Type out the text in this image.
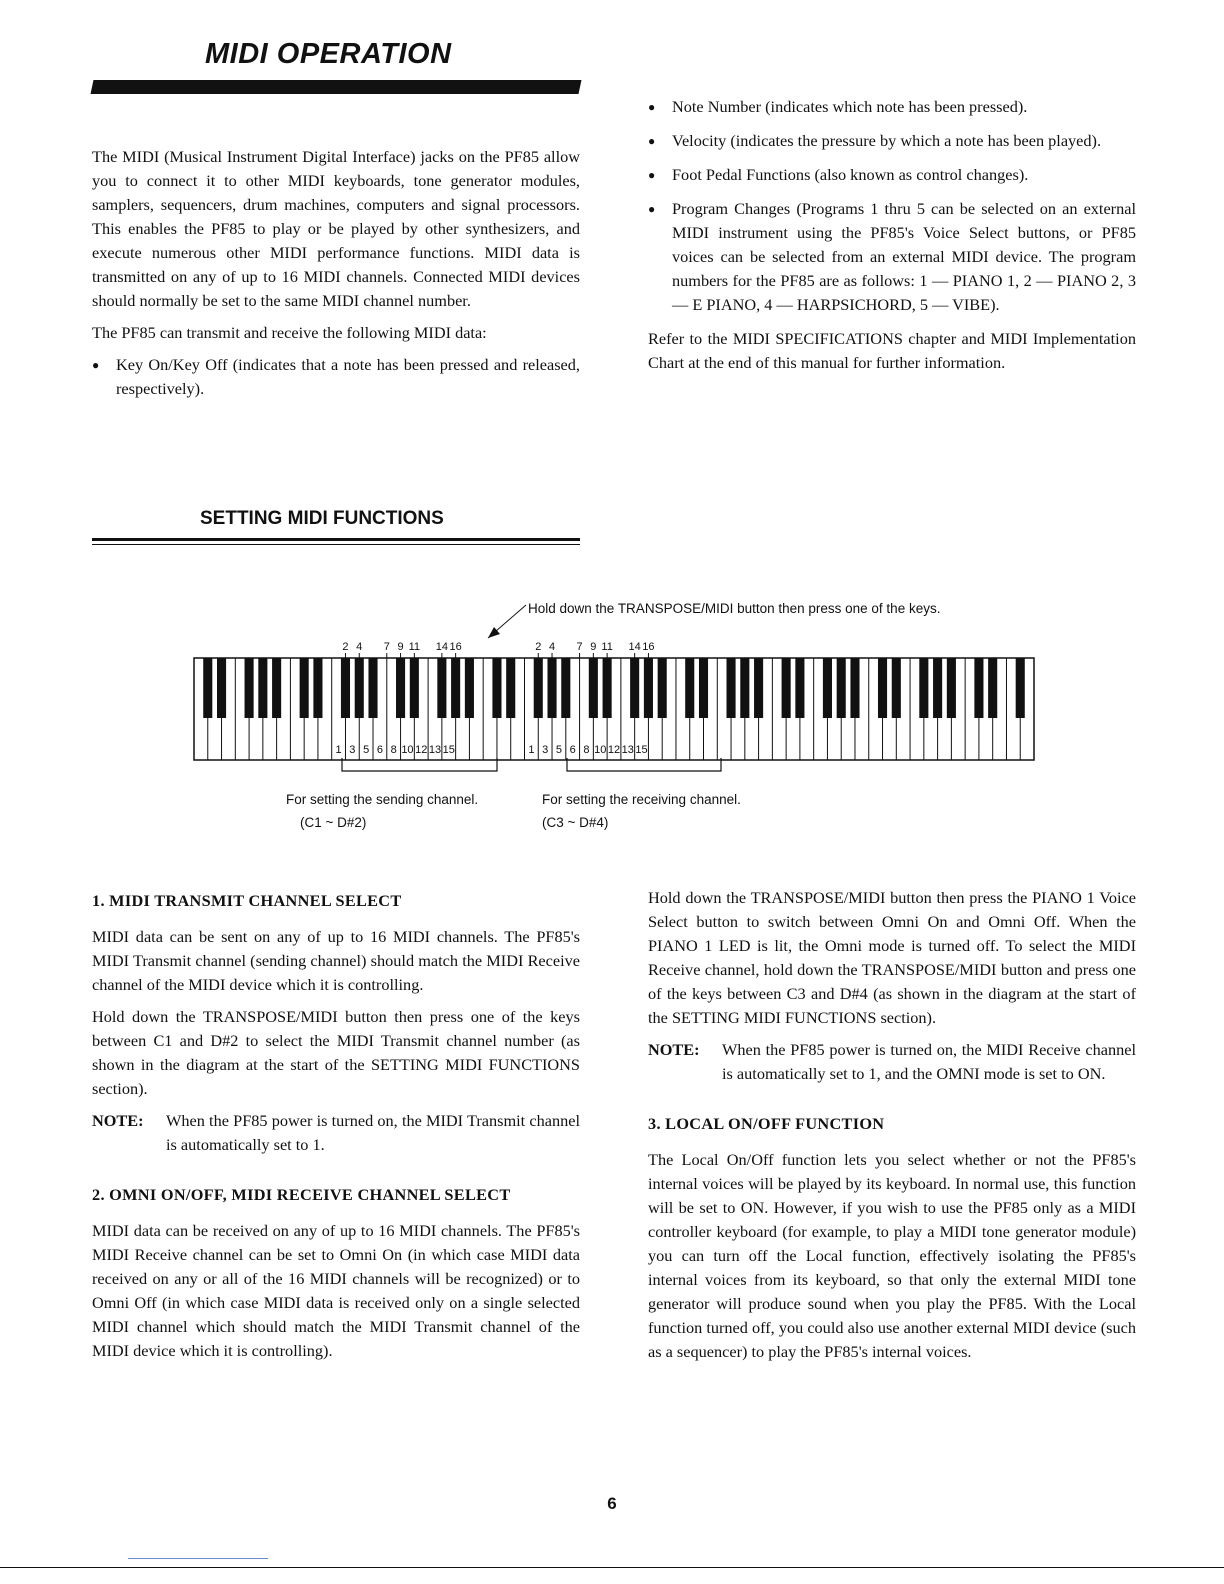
MIDI OPERATION

The MIDI (Musical Instrument Digital Interface) jacks on the PF85 allow you to connect it to other MIDI keyboards, tone generator modules, samplers, sequencers, drum machines, computers and signal processors. This enables the PF85 to play or be played by other synthesizers, and execute numerous other MIDI performance functions. MIDI data is transmitted on any of up to 16 MIDI channels. Connected MIDI devices should normally be set to the same MIDI channel number.

The PF85 can transmit and receive the following MIDI data:

● Key On/Key Off (indicates that a note has been pressed and released, respectively).
● Note Number (indicates which note has been pressed).
● Velocity (indicates the pressure by which a note has been played).
● Foot Pedal Functions (also known as control changes).
● Program Changes (Programs 1 thru 5 can be selected on an external MIDI instrument using the PF85's Voice Select buttons, or PF85 voices can be selected from an external MIDI device. The program numbers for the PF85 are as follows: 1 — PIANO 1, 2 — PIANO 2, 3 — E PIANO, 4 — HARPSICHORD, 5 — VIBE).

Refer to the MIDI SPECIFICATIONS chapter and MIDI Implementation Chart at the end of this manual for further information.

SETTING MIDI FUNCTIONS
1 3 5 6 8 10 12 13 15
2 4 7 9 11 14 16
1 3 5 6 8 10 12 13 15
2 4 7 9 11 14 16
Hold down the TRANSPOSE/MIDI button then press one of the keys.
For setting the sending channel.	For setting the receiving channel.
(C1 ~ D#2)	(C3 ~ D#4)
1. MIDI TRANSMIT CHANNEL SELECT

MIDI data can be sent on any of up to 16 MIDI channels. The PF85's MIDI Transmit channel (sending channel) should match the MIDI Receive channel of the MIDI device which it is controlling.

Hold down the TRANSPOSE/MIDI button then press one of the keys between C1 and D#2 to select the MIDI Transmit channel number (as shown in the diagram at the start of the SETTING MIDI FUNCTIONS section).

NOTE:	When the PF85 power is turned on, the MIDI Transmit channel is automatically set to 1.
2. OMNI ON/OFF, MIDI RECEIVE CHANNEL SELECT

MIDI data can be received on any of up to 16 MIDI channels. The PF85's MIDI Receive channel can be set to Omni On (in which case MIDI data received on any or all of the 16 MIDI channels will be recognized) or to Omni Off (in which case MIDI data is received only on a single selected MIDI channel which should match the MIDI Transmit channel of the MIDI device which it is controlling).

Hold down the TRANSPOSE/MIDI button then press the PIANO 1 Voice Select button to switch between Omni On and Omni Off. When the PIANO 1 LED is lit, the Omni mode is turned off. To select the MIDI Receive channel, hold down the TRANSPOSE/MIDI button and press one of the keys between C3 and D#4 (as shown in the diagram at the start of the SETTING MIDI FUNCTIONS section).

NOTE:	When the PF85 power is turned on, the MIDI Receive channel is automatically set to 1, and the OMNI mode is set to ON.
3. LOCAL ON/OFF FUNCTION

The Local On/Off function lets you select whether or not the PF85's internal voices will be played by its keyboard. In normal use, this function will be set to ON. However, if you wish to use the PF85 only as a MIDI controller keyboard (for example, to play a MIDI tone generator module) you can turn off the Local function, effectively isolating the PF85's internal voices from its keyboard, so that only the external MIDI tone generator will produce sound when you play the PF85. With the Local function turned off, you could also use another external MIDI device (such as a sequencer) to play the PF85's internal voices.

6
